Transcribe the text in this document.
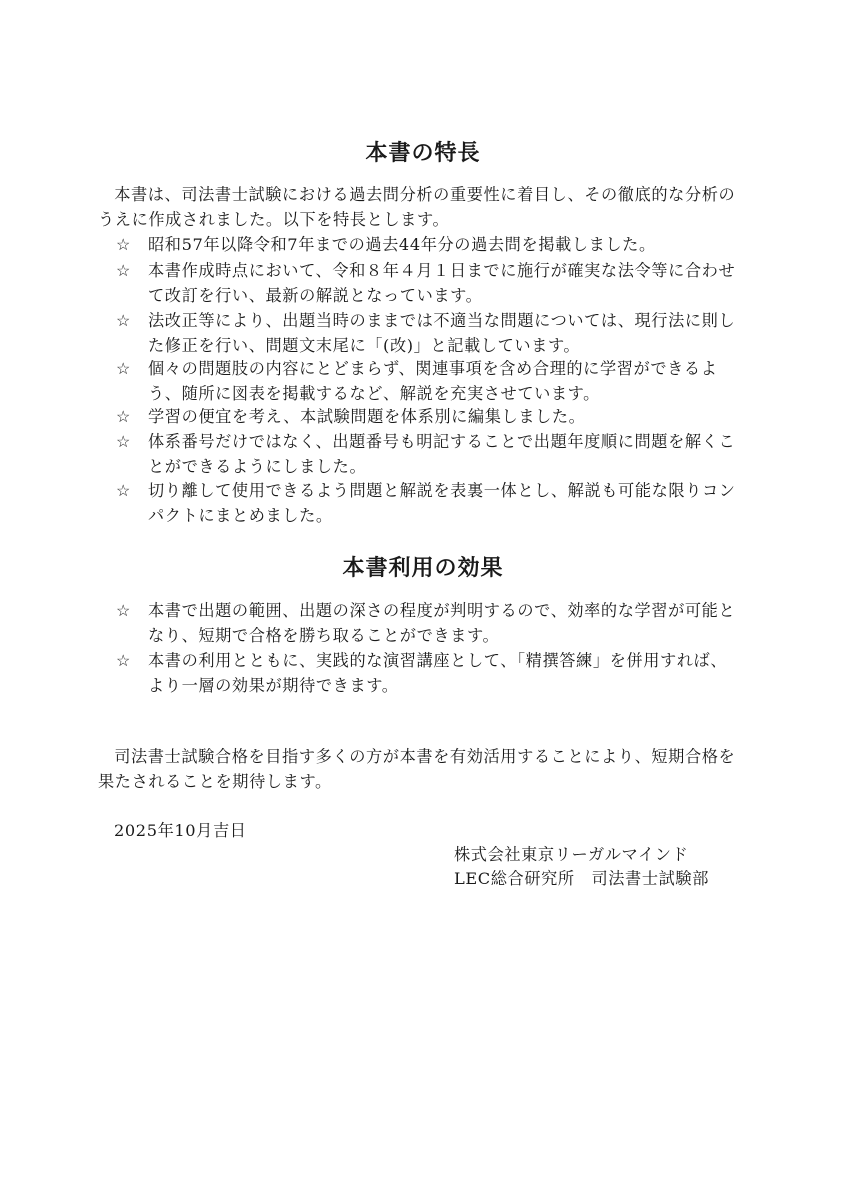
本書の特長
本書は、司法書士試験における過去問分析の重要性に着目し、その徹底的な分析のうえに作成されました。以下を特長とします。
☆	昭和57年以降令和7年までの過去44年分の過去問を掲載しました。
☆	本書作成時点において、令和８年４月１日までに施行が確実な法令等に合わせて改訂を行い、最新の解説となっています。
☆	法改正等により、出題当時のままでは不適当な問題については、現行法に則した修正を行い、問題文末尾に「(改)」と記載しています。
☆	個々の問題肢の内容にとどまらず、関連事項を含め合理的に学習ができるよう、随所に図表を掲載するなど、解説を充実させています。
☆	学習の便宜を考え、本試験問題を体系別に編集しました。
☆	体系番号だけではなく、出題番号も明記することで出題年度順に問題を解くことができるようにしました。
☆	切り離して使用できるよう問題と解説を表裏一体とし、解説も可能な限りコンパクトにまとめました。
本書利用の効果
☆	本書で出題の範囲、出題の深さの程度が判明するので、効率的な学習が可能となり、短期で合格を勝ち取ることができます。
☆	本書の利用とともに、実践的な演習講座として、「精撰答練」を併用すれば、より一層の効果が期待できます。
司法書士試験合格を目指す多くの方が本書を有効活用することにより、短期合格を果たされることを期待します。
2025年10月吉日
株式会社東京リーガルマインド
LEC総合研究所　司法書士試験部
